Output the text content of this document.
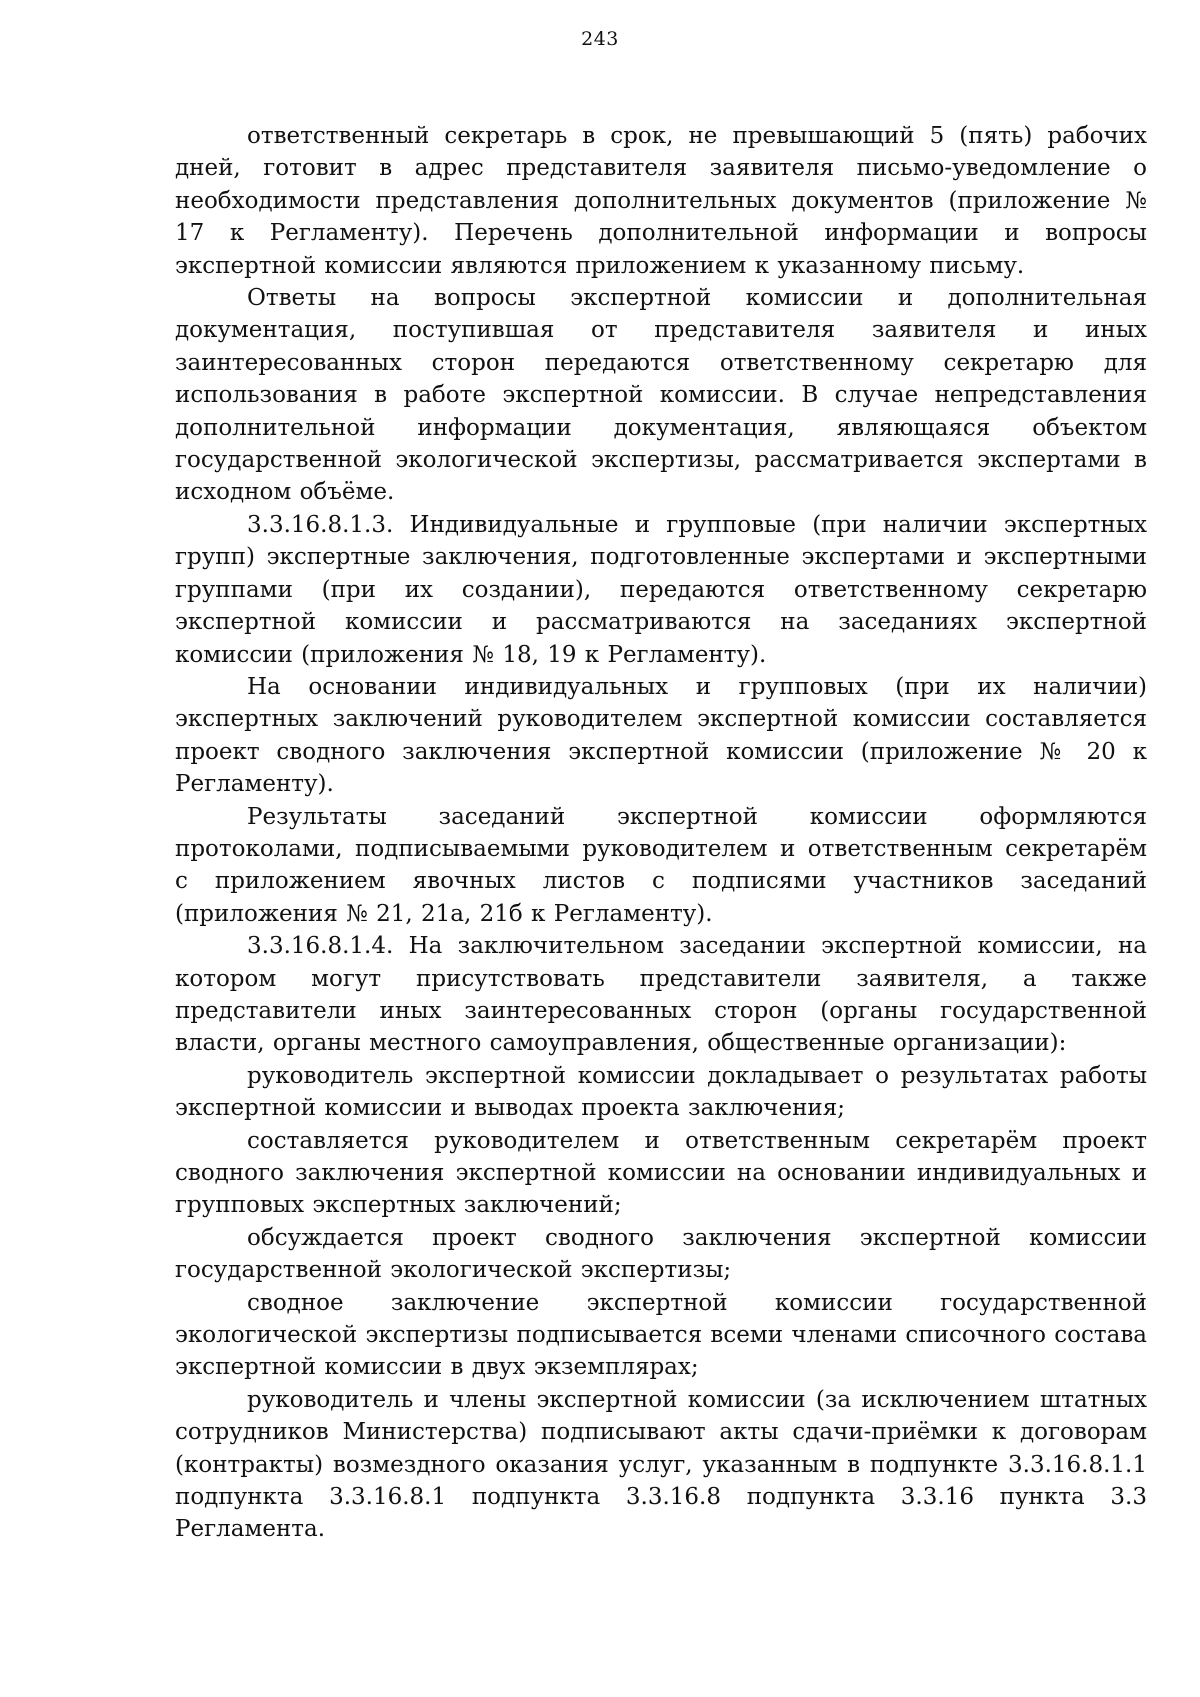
243

ответственный секретарь в срок, не превышающий 5 (пять) рабочих дней, готовит в адрес представителя заявителя письмо-уведомление о необходимости представления дополнительных документов (приложение № 17 к Регламенту). Перечень дополнительной информации и вопросы экспертной комиссии являются приложением к указанному письму.

Ответы на вопросы экспертной комиссии и дополнительная документация, поступившая от представителя заявителя и иных заинтересованных сторон передаются ответственному секретарю для использования в работе экспертной комиссии. В случае непредставления дополнительной информации документация, являющаяся объектом государственной экологической экспертизы, рассматривается экспертами в исходном объёме.

3.3.16.8.1.3. Индивидуальные и групповые (при наличии экспертных групп) экспертные заключения, подготовленные экспертами и экспертными группами (при их создании), передаются ответственному секретарю экспертной комиссии и рассматриваются на заседаниях экспертной комиссии (приложения № 18, 19 к Регламенту).

На основании индивидуальных и групповых (при их наличии) экспертных заключений руководителем экспертной комиссии составляется проект сводного заключения экспертной комиссии (приложение № 20 к Регламенту).

Результаты заседаний экспертной комиссии оформляются протоколами, подписываемыми руководителем и ответственным секретарём с приложением явочных листов с подписями участников заседаний (приложения № 21, 21а, 21б к Регламенту).

3.3.16.8.1.4. На заключительном заседании экспертной комиссии, на котором могут присутствовать представители заявителя, а также представители иных заинтересованных сторон (органы государственной власти, органы местного самоуправления, общественные организации):

руководитель экспертной комиссии докладывает о результатах работы экспертной комиссии и выводах проекта заключения;

составляется руководителем и ответственным секретарём проект сводного заключения экспертной комиссии на основании индивидуальных и групповых экспертных заключений;

обсуждается проект сводного заключения экспертной комиссии государственной экологической экспертизы;

сводное заключение экспертной комиссии государственной экологической экспертизы подписывается всеми членами списочного состава экспертной комиссии в двух экземплярах;

руководитель и члены экспертной комиссии (за исключением штатных сотрудников Министерства) подписывают акты сдачи-приёмки к договорам (контракты) возмездного оказания услуг, указанным в подпункте 3.3.16.8.1.1 подпункта 3.3.16.8.1 подпункта 3.3.16.8 подпункта 3.3.16 пункта 3.3 Регламента.
